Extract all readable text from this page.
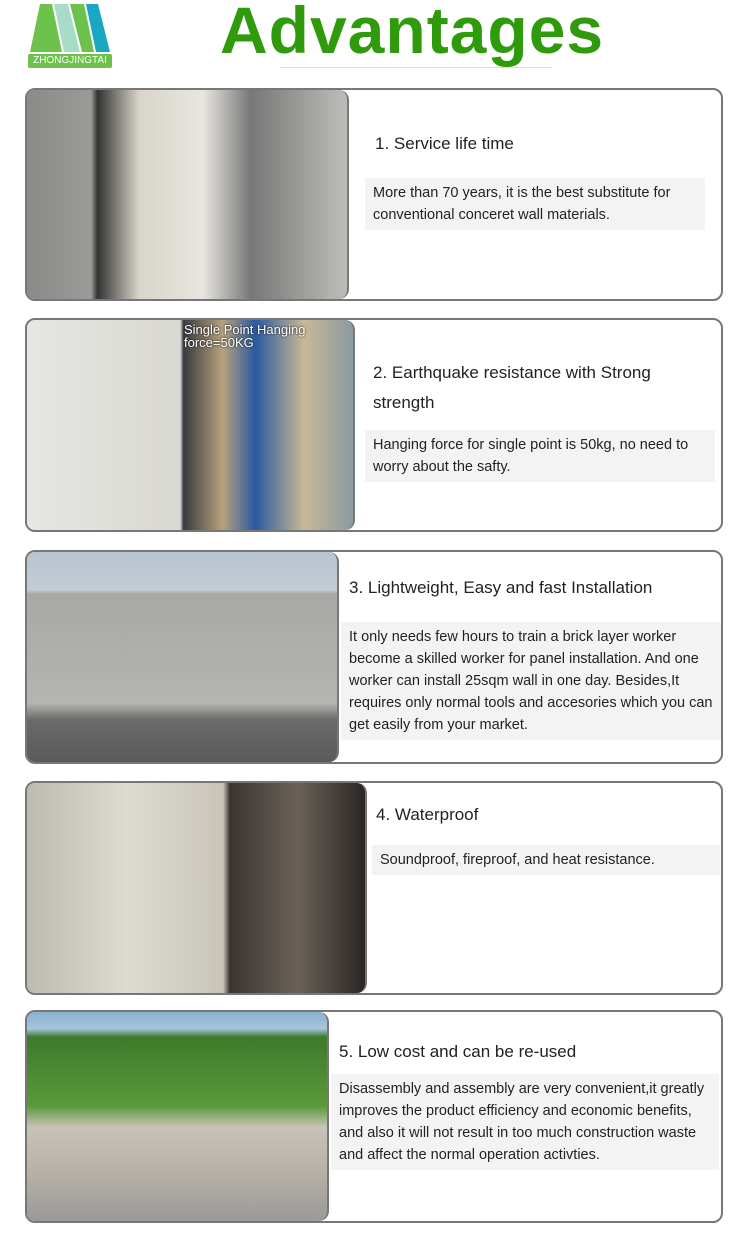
ZHONGJINGTAI Advantages
1. Service life time
More than 70 years, it is the best substitute for conventional conceret wall materials.
Single Point Hanging force=50KG
2. Earthquake resistance with Strong strength
Hanging force for single point is 50kg, no need to worry about the safty.
3. Lightweight, Easy and fast Installation
It only needs few hours to train a brick layer worker become a skilled worker for panel installation. And one worker can install 25sqm wall in one day. Besides,It requires only normal tools and accesories which you can get easily from your market.
4. Waterproof
Soundproof, fireproof, and heat resistance.
5. Low cost and can be re-used
Disassembly and assembly are very convenient,it greatly improves the product efficiency and economic benefits, and also it will not result in too much construction waste and affect the normal operation activties.
